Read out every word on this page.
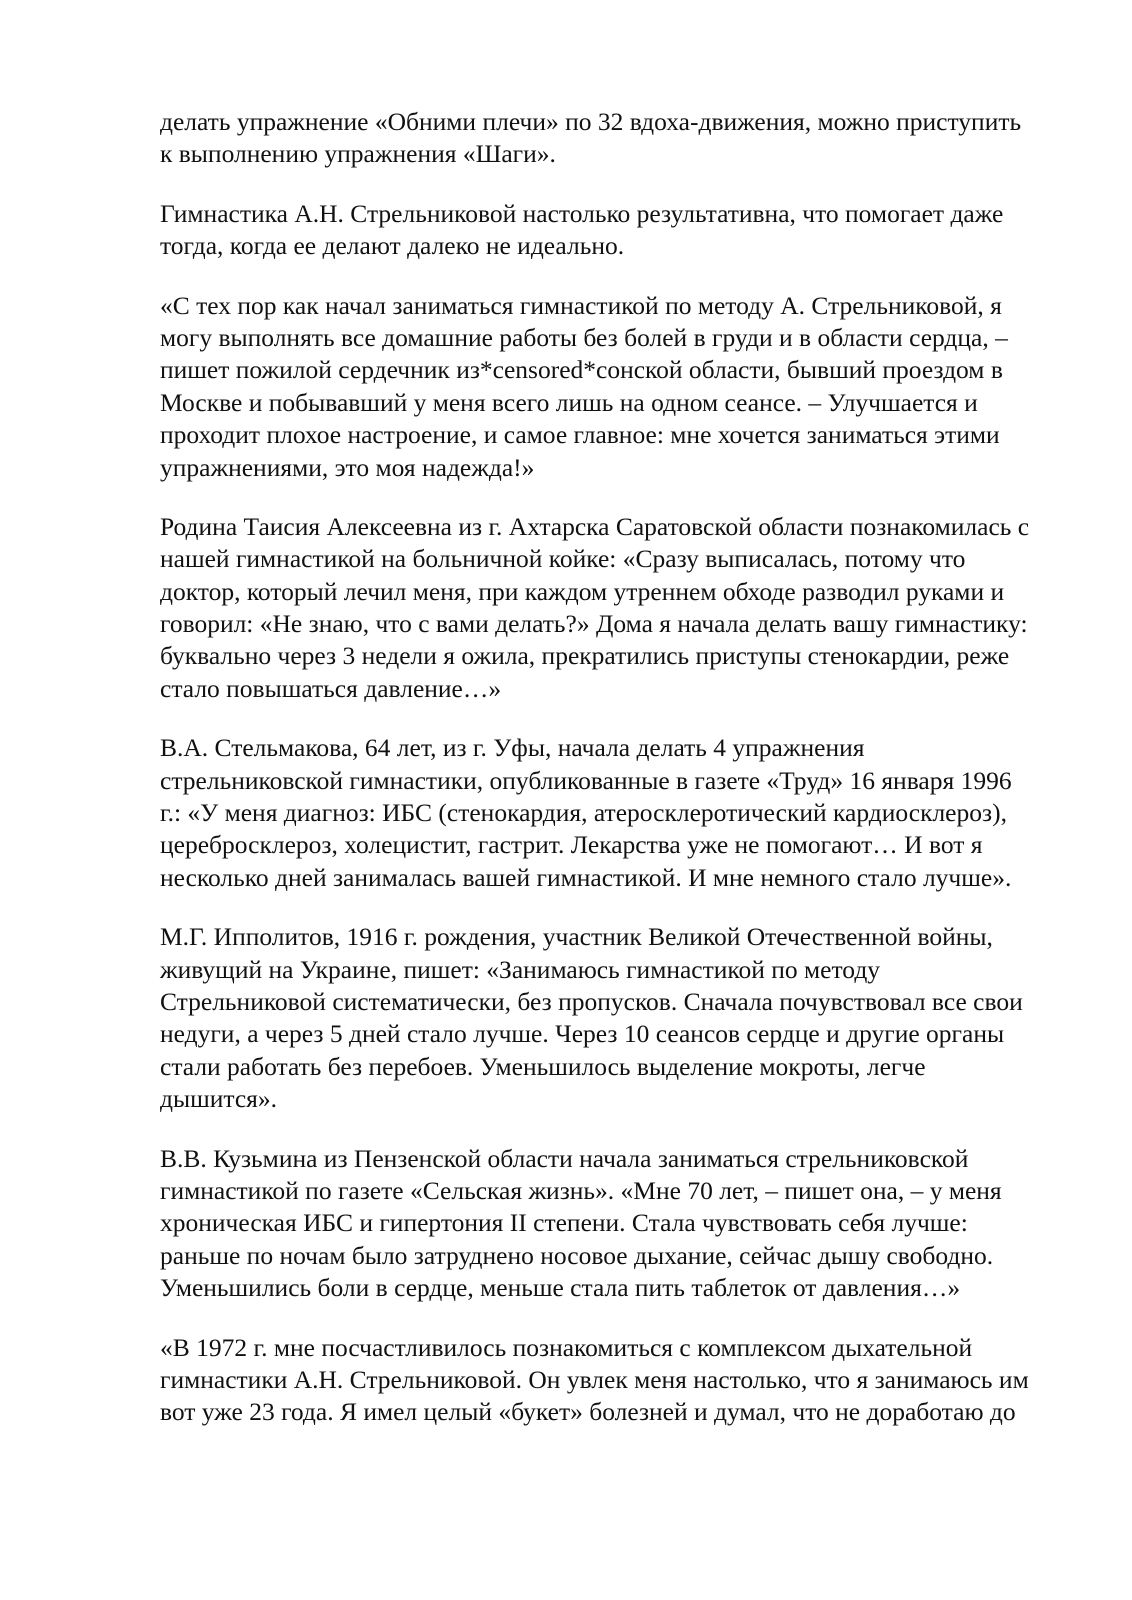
делать упражнение «Обними плечи» по 32 вдоха-движения, можно приступить
к выполнению упражнения «Шаги».

Гимнастика А.Н. Стрельниковой настолько результативна, что помогает даже
тогда, когда ее делают далеко не идеально.

«С тех пор как начал заниматься гимнастикой по методу А. Стрельниковой, я
могу выполнять все домашние работы без болей в груди и в области сердца, –
пишет пожилой сердечник из*censored*сонской области, бывший проездом в
Москве и побывавший у меня всего лишь на одном сеансе. – Улучшается и
проходит плохое настроение, и самое главное: мне хочется заниматься этими
упражнениями, это моя надежда!»

Родина Таисия Алексеевна из г. Ахтарска Саратовской области познакомилась с
нашей гимнастикой на больничной койке: «Сразу выписалась, потому что
доктор, который лечил меня, при каждом утреннем обходе разводил руками и
говорил: «Не знаю, что с вами делать?» Дома я начала делать вашу гимнастику:
буквально через 3 недели я ожила, прекратились приступы стенокардии, реже
стало повышаться давление…»

В.А. Стельмакова, 64 лет, из г. Уфы, начала делать 4 упражнения
стрельниковской гимнастики, опубликованные в газете «Труд» 16 января 1996
г.: «У меня диагноз: ИБС (стенокардия, атеросклеротический кардиосклероз),
церебросклероз, холецистит, гастрит. Лекарства уже не помогают… И вот я
несколько дней занималась вашей гимнастикой. И мне немного стало лучше».

М.Г. Ипполитов, 1916 г. рождения, участник Великой Отечественной войны,
живущий на Украине, пишет: «Занимаюсь гимнастикой по методу
Стрельниковой систематически, без пропусков. Сначала почувствовал все свои
недуги, а через 5 дней стало лучше. Через 10 сеансов сердце и другие органы
стали работать без перебоев. Уменьшилось выделение мокроты, легче
дышится».

В.В. Кузьмина из Пензенской области начала заниматься стрельниковской
гимнастикой по газете «Сельская жизнь». «Мне 70 лет, – пишет она, – у меня
хроническая ИБС и гипертония II степени. Стала чувствовать себя лучше:
раньше по ночам было затруднено носовое дыхание, сейчас дышу свободно.
Уменьшились боли в сердце, меньше стала пить таблеток от давления…»

«В 1972 г. мне посчастливилось познакомиться с комплексом дыхательной
гимнастики А.Н. Стрельниковой. Он увлек меня настолько, что я занимаюсь им
вот уже 23 года. Я имел целый «букет» болезней и думал, что не доработаю до
